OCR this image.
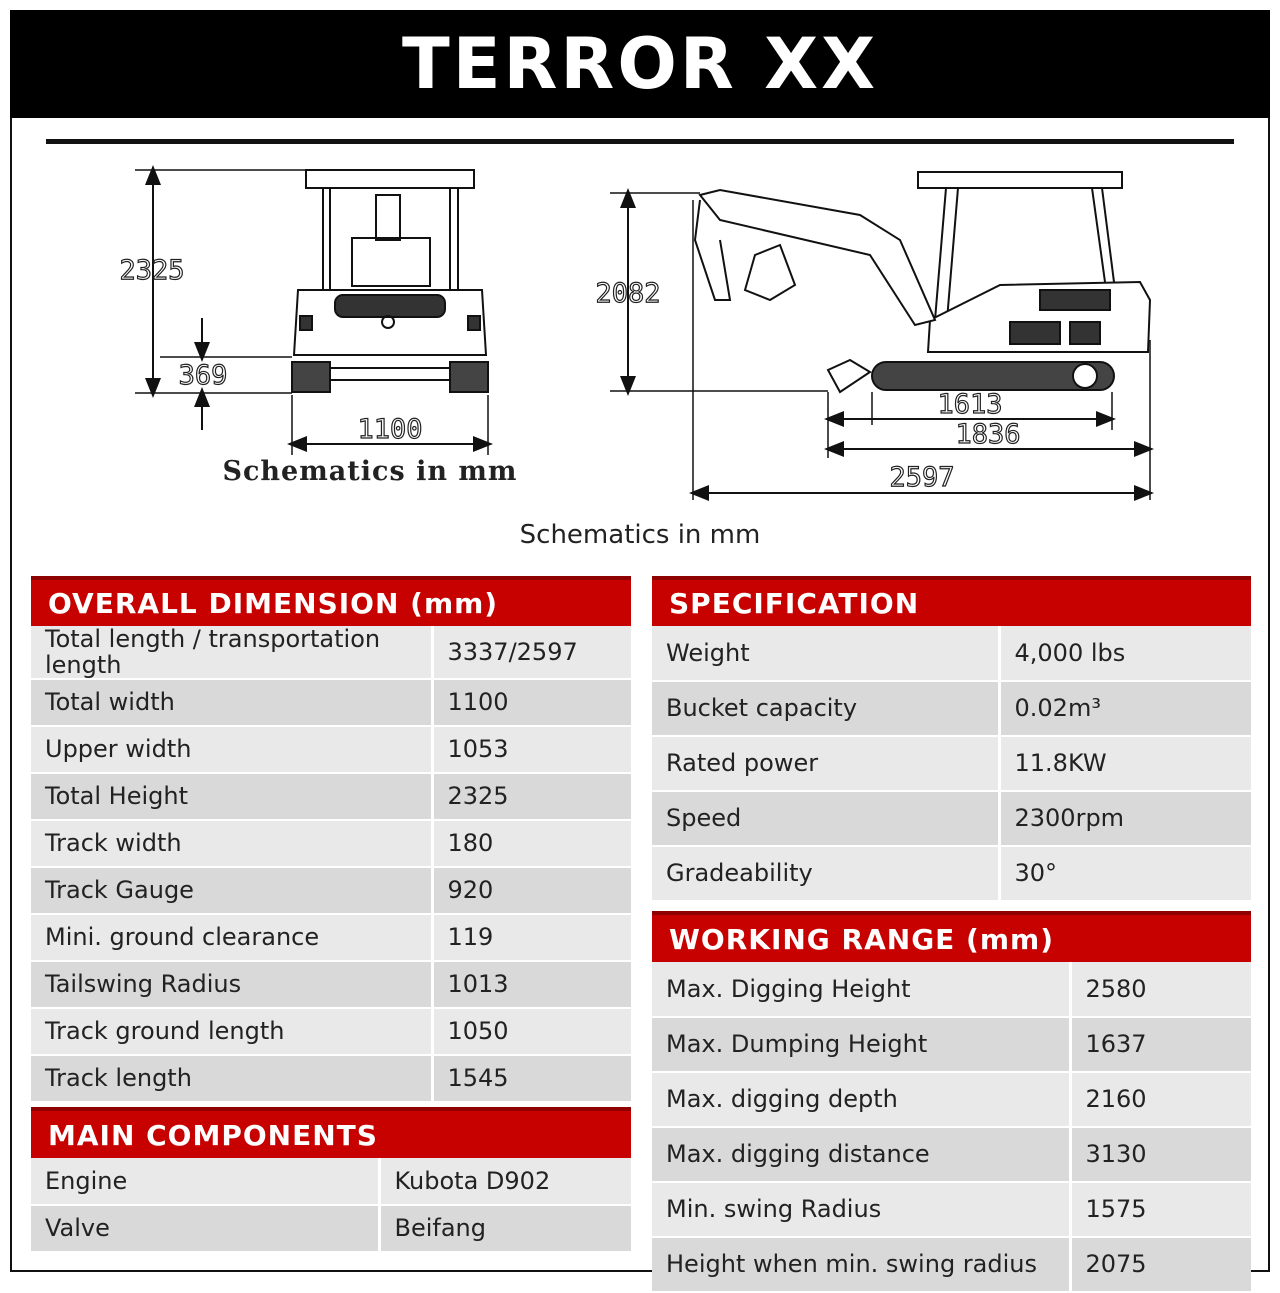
TERROR XX
2325
369
1100
Schematics in mm
2082
1613
1836
2597
Schematics in mm
OVERALL DIMENSION (mm)
Total length / transportation length	3337/2597
Total width	1100
Upper width	1053
Total Height	2325
Track width	180
Track Gauge	920
Mini. ground clearance	119
Tailswing Radius	1013
Track ground length	1050
Track length	1545
MAIN COMPONENTS
Engine	Kubota D902
Valve	Beifang
SPECIFICATION
Weight	4,000 lbs
Bucket capacity	0.02m³
Rated power	11.8KW
Speed	2300rpm
Gradeability	30°
WORKING RANGE (mm)
Max. Digging Height	2580
Max. Dumping Height	1637
Max. digging depth	2160
Max. digging distance	3130
Min. swing Radius	1575
Height when min. swing radius	2075
